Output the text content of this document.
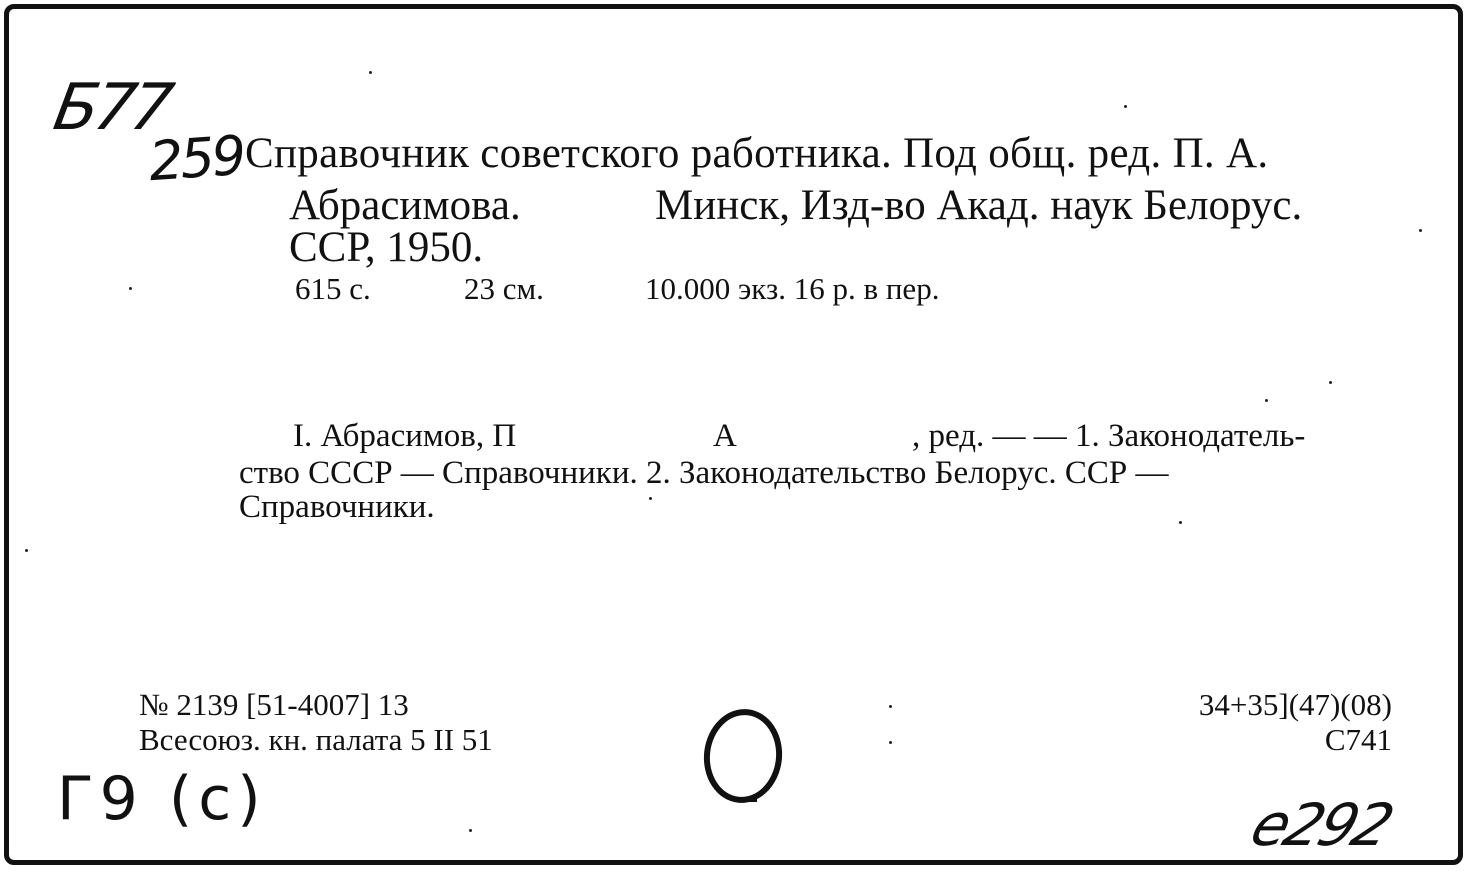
Б77
259 Справочник советского работника. Под общ. ред. П. А.
Абрасимова.	Минск, Изд-во Акад. наук Белорус.
ССР, 1950.
615 с.	23 см.	10.000 экз. 16 р. в пер.
I. Абрасимов, П	А	, ред. — — 1. Законодатель-
ство СССР — Справочники. 2. Законодательство Белорус. ССР —
Справочники.
№ 2139 [51-4007] 13
Всесоюз. кн. палата 5 II 51
34+35](47)(08)
С741
Г9 (с)	е292
